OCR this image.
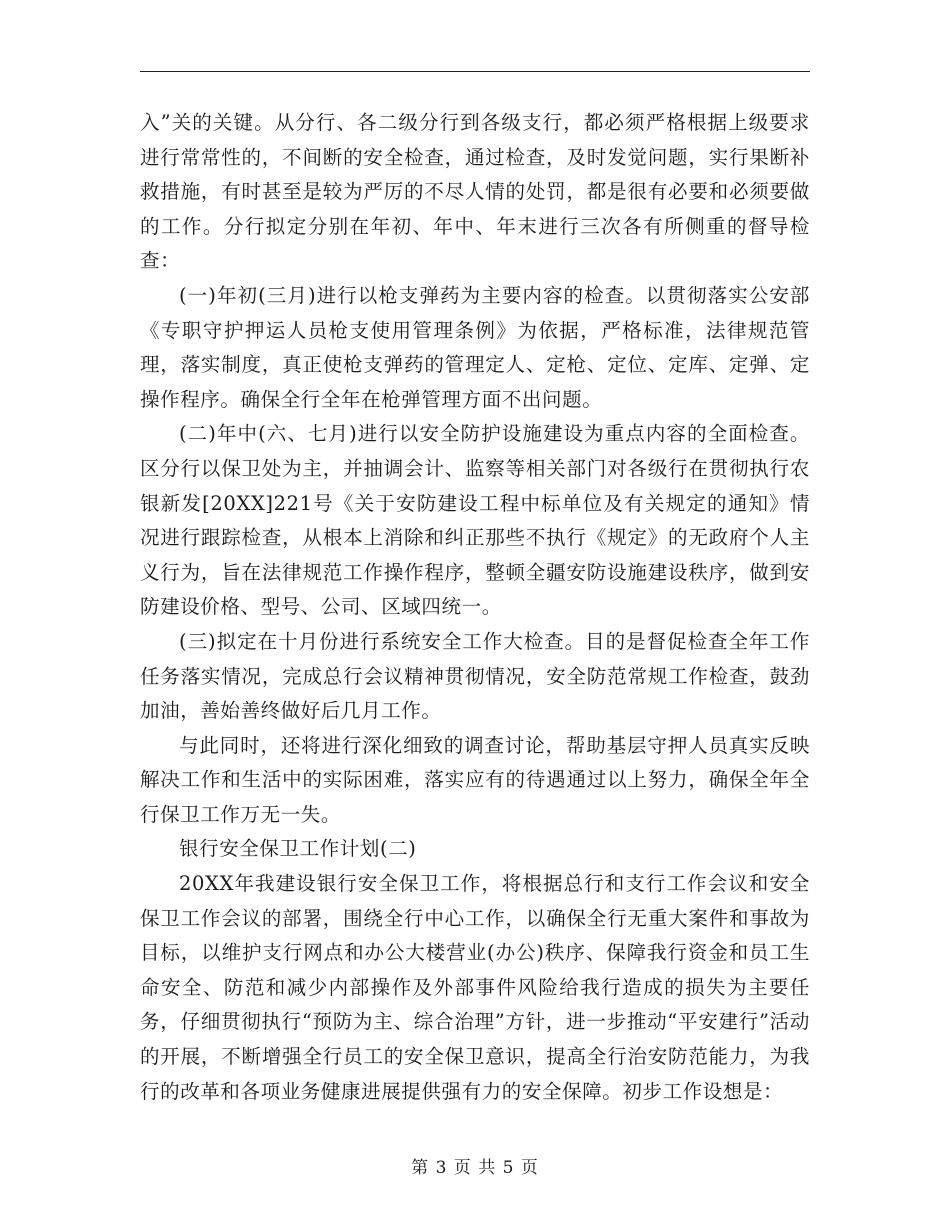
入”关的关键。从分行、各二级分行到各级支行，都必须严格根据上级要求进行常常性的，不间断的安全检查，通过检查，及时发觉问题，实行果断补救措施，有时甚至是较为严厉的不尽人情的处罚，都是很有必要和必须要做的工作。分行拟定分别在年初、年中、年末进行三次各有所侧重的督导检查：

(一)年初(三月)进行以枪支弹药为主要内容的检查。以贯彻落实公安部《专职守护押运人员枪支使用管理条例》为依据，严格标准，法律规范管理，落实制度，真正使枪支弹药的管理定人、定枪、定位、定库、定弹、定操作程序。确保全行全年在枪弹管理方面不出问题。

(二)年中(六、七月)进行以安全防护设施建设为重点内容的全面检查。区分行以保卫处为主，并抽调会计、监察等相关部门对各级行在贯彻执行农银新发[20XX]221号《关于安防建设工程中标单位及有关规定的通知》情况进行跟踪检查，从根本上消除和纠正那些不执行《规定》的无政府个人主义行为，旨在法律规范工作操作程序，整顿全疆安防设施建设秩序，做到安防建设价格、型号、公司、区域四统一。

(三)拟定在十月份进行系统安全工作大检查。目的是督促检查全年工作任务落实情况，完成总行会议精神贯彻情况，安全防范常规工作检查，鼓劲加油，善始善终做好后几月工作。

与此同时，还将进行深化细致的调查讨论，帮助基层守押人员真实反映解决工作和生活中的实际困难，落实应有的待遇通过以上努力，确保全年全行保卫工作万无一失。

银行安全保卫工作计划(二)

20XX年我建设银行安全保卫工作，将根据总行和支行工作会议和安全保卫工作会议的部署，围绕全行中心工作，以确保全行无重大案件和事故为目标，以维护支行网点和办公大楼营业(办公)秩序、保障我行资金和员工生命安全、防范和减少内部操作及外部事件风险给我行造成的损失为主要任务，仔细贯彻执行“预防为主、综合治理”方针，进一步推动“平安建行”活动的开展，不断增强全行员工的安全保卫意识，提高全行治安防范能力，为我行的改革和各项业务健康进展提供强有力的安全保障。初步工作设想是：

第 3 页 共 5 页
